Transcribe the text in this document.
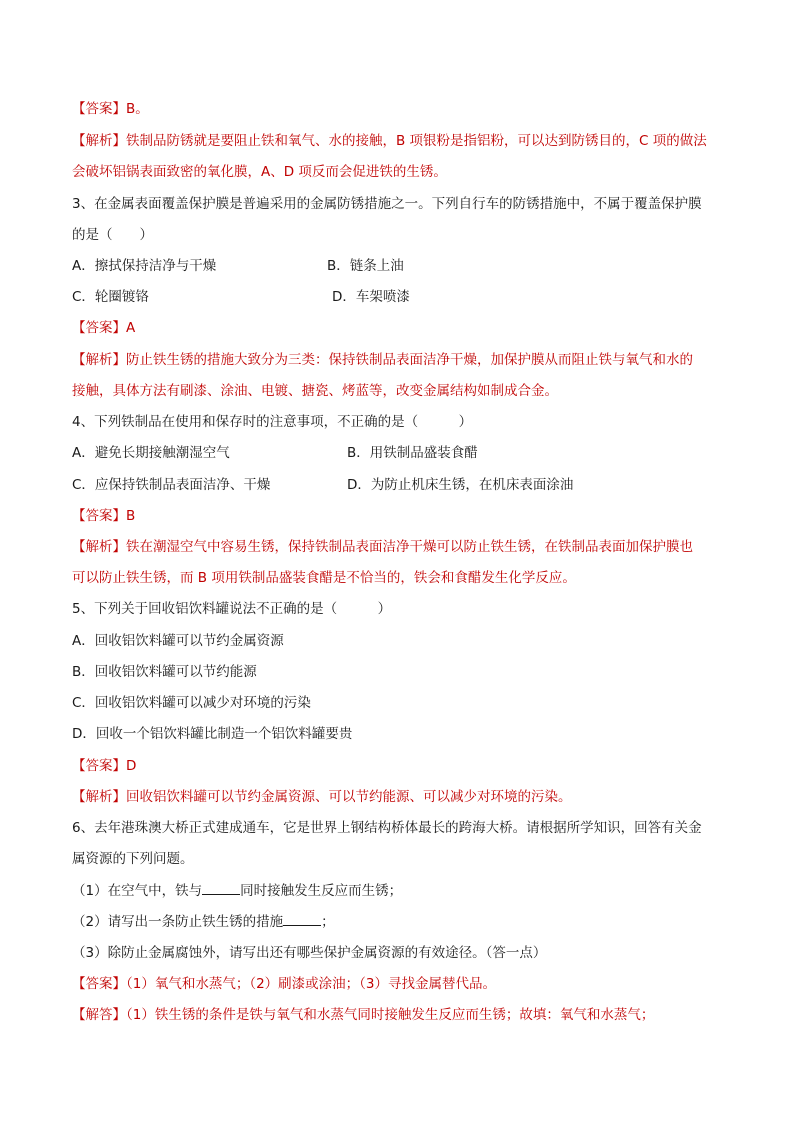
【答案】B。
【解析】铁制品防锈就是要阻止铁和氧气、水的接触，B 项银粉是指铝粉，可以达到防锈目的，C 项的做法
会破坏铝锅表面致密的氧化膜，A、D 项反而会促进铁的生锈。
3、在金属表面覆盖保护膜是普遍采用的金属防锈措施之一。下列自行车的防锈措施中，不属于覆盖保护膜
的是（　　）
A．擦拭保持洁净与干燥	B．链条上油
C．轮圈镀铬	D．车架喷漆
【答案】A
【解析】防止铁生锈的措施大致分为三类：保持铁制品表面洁净干燥，加保护膜从而阻止铁与氧气和水的
接触，具体方法有刷漆、涂油、电镀、搪瓷、烤蓝等，改变金属结构如制成合金。
4、下列铁制品在使用和保存时的注意事项，不正确的是（　　　）
A．避免长期接触潮湿空气	B．用铁制品盛装食醋
C．应保持铁制品表面洁净、干燥	D．为防止机床生锈，在机床表面涂油
【答案】B
【解析】铁在潮湿空气中容易生锈，保持铁制品表面洁净干燥可以防止铁生锈，在铁制品表面加保护膜也
可以防止铁生锈，而 B 项用铁制品盛装食醋是不恰当的，铁会和食醋发生化学反应。
5、下列关于回收铝饮料罐说法不正确的是（　　　）
A．回收铝饮料罐可以节约金属资源
B．回收铝饮料罐可以节约能源
C．回收铝饮料罐可以减少对环境的污染
D．回收一个铝饮料罐比制造一个铝饮料罐要贵
【答案】D
【解析】回收铝饮料罐可以节约金属资源、可以节约能源、可以减少对环境的污染。
6、去年港珠澳大桥正式建成通车，它是世界上钢结构桥体最长的跨海大桥。请根据所学知识，回答有关金
属资源的下列问题。
（1）在空气中，铁与	同时接触发生反应而生锈；
（2）请写出一条防止铁生锈的措施	；
（3）除防止金属腐蚀外，请写出还有哪些保护金属资源的有效途径。（答一点）
【答案】（1）氧气和水蒸气；（2）刷漆或涂油；（3）寻找金属替代品。
【解答】（1）铁生锈的条件是铁与氧气和水蒸气同时接触发生反应而生锈；故填：氧气和水蒸气；
